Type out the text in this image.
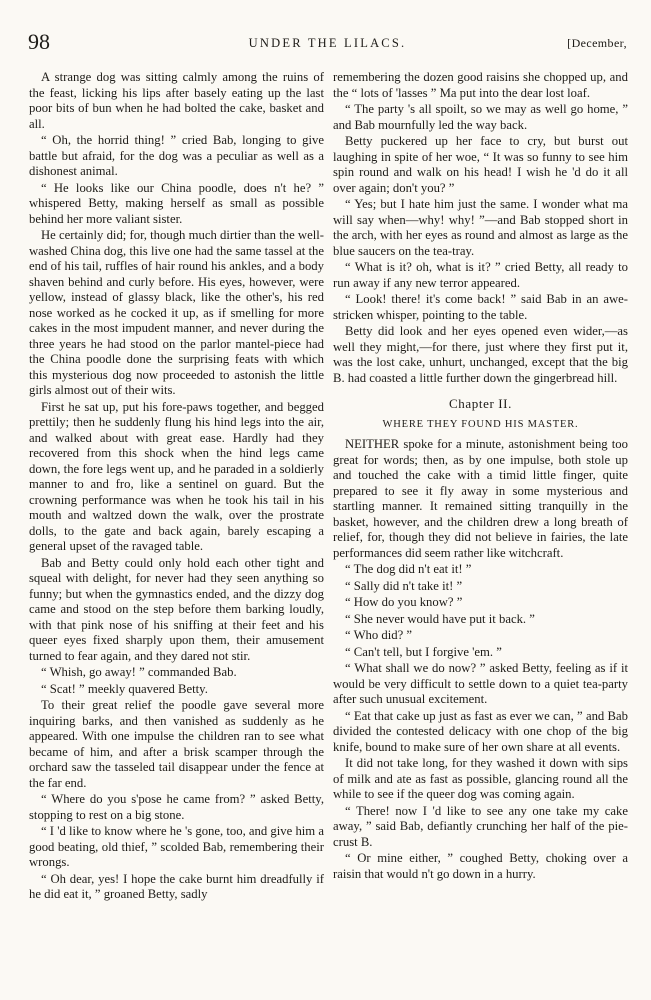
98	UNDER THE LILACS.	[December,

A strange dog was sitting calmly among the ruins of the feast, licking his lips after basely eating up the last poor bits of bun when he had bolted the cake, basket and all.

“ Oh, the horrid thing! ” cried Bab, longing to give battle but afraid, for the dog was a peculiar as well as a dishonest animal.

“ He looks like our China poodle, does n't he? ” whispered Betty, making herself as small as possible behind her more valiant sister.

He certainly did; for, though much dirtier than the well-washed China dog, this live one had the same tassel at the end of his tail, ruffles of hair round his ankles, and a body shaven behind and curly before. His eyes, however, were yellow, instead of glassy black, like the other's, his red nose worked as he cocked it up, as if smelling for more cakes in the most impudent manner, and never during the three years he had stood on the parlor mantel-piece had the China poodle done the surprising feats with which this mysterious dog now proceeded to astonish the little girls almost out of their wits.

First he sat up, put his fore-paws together, and begged prettily; then he suddenly flung his hind legs into the air, and walked about with great ease. Hardly had they recovered from this shock when the hind legs came down, the fore legs went up, and he paraded in a soldierly manner to and fro, like a sentinel on guard. But the crowning performance was when he took his tail in his mouth and waltzed down the walk, over the prostrate dolls, to the gate and back again, barely escaping a general upset of the ravaged table.

Bab and Betty could only hold each other tight and squeal with delight, for never had they seen anything so funny; but when the gymnastics ended, and the dizzy dog came and stood on the step before them barking loudly, with that pink nose of his sniffing at their feet and his queer eyes fixed sharply upon them, their amusement turned to fear again, and they dared not stir.

“ Whish, go away! ” commanded Bab.

“ Scat! ” meekly quavered Betty.

To their great relief the poodle gave several more inquiring barks, and then vanished as suddenly as he appeared. With one impulse the children ran to see what became of him, and after a brisk scamper through the orchard saw the tasseled tail disappear under the fence at the far end.

“ Where do you s'pose he came from? ” asked Betty, stopping to rest on a big stone.

“ I 'd like to know where he 's gone, too, and give him a good beating, old thief, ” scolded Bab, remembering their wrongs.

“ Oh dear, yes! I hope the cake burnt him dreadfully if he did eat it, ” groaned Betty, sadly

remembering the dozen good raisins she chopped up, and the “ lots of 'lasses ” Ma put into the dear lost loaf.

“ The party 's all spoilt, so we may as well go home, ” and Bab mournfully led the way back.

Betty puckered up her face to cry, but burst out laughing in spite of her woe, “ It was so funny to see him spin round and walk on his head! I wish he 'd do it all over again; don't you? ”

“ Yes; but I hate him just the same. I wonder what ma will say when—why! why! ”—and Bab stopped short in the arch, with her eyes as round and almost as large as the blue saucers on the tea-tray.

“ What is it? oh, what is it? ” cried Betty, all ready to run away if any new terror appeared.

“ Look! there! it's come back! ” said Bab in an awe-stricken whisper, pointing to the table.

Betty did look and her eyes opened even wider,—as well they might,—for there, just where they first put it, was the lost cake, unhurt, unchanged, except that the big B. had coasted a little further down the gingerbread hill.

Chapter II.
WHERE THEY FOUND HIS MASTER.

NEITHER spoke for a minute, astonishment being too great for words; then, as by one impulse, both stole up and touched the cake with a timid little finger, quite prepared to see it fly away in some mysterious and startling manner. It remained sitting tranquilly in the basket, however, and the children drew a long breath of relief, for, though they did not believe in fairies, the late performances did seem rather like witchcraft.

“ The dog did n't eat it! ”

“ Sally did n't take it! ”

“ How do you know? ”

“ She never would have put it back. ”

“ Who did? ”

“ Can't tell, but I forgive 'em. ”

“ What shall we do now? ” asked Betty, feeling as if it would be very difficult to settle down to a quiet tea-party after such unusual excitement.

“ Eat that cake up just as fast as ever we can, ” and Bab divided the contested delicacy with one chop of the big knife, bound to make sure of her own share at all events.

It did not take long, for they washed it down with sips of milk and ate as fast as possible, glancing round all the while to see if the queer dog was coming again.

“ There! now I 'd like to see any one take my cake away, ” said Bab, defiantly crunching her half of the pie-crust B.

“ Or mine either, ” coughed Betty, choking over a raisin that would n't go down in a hurry.
